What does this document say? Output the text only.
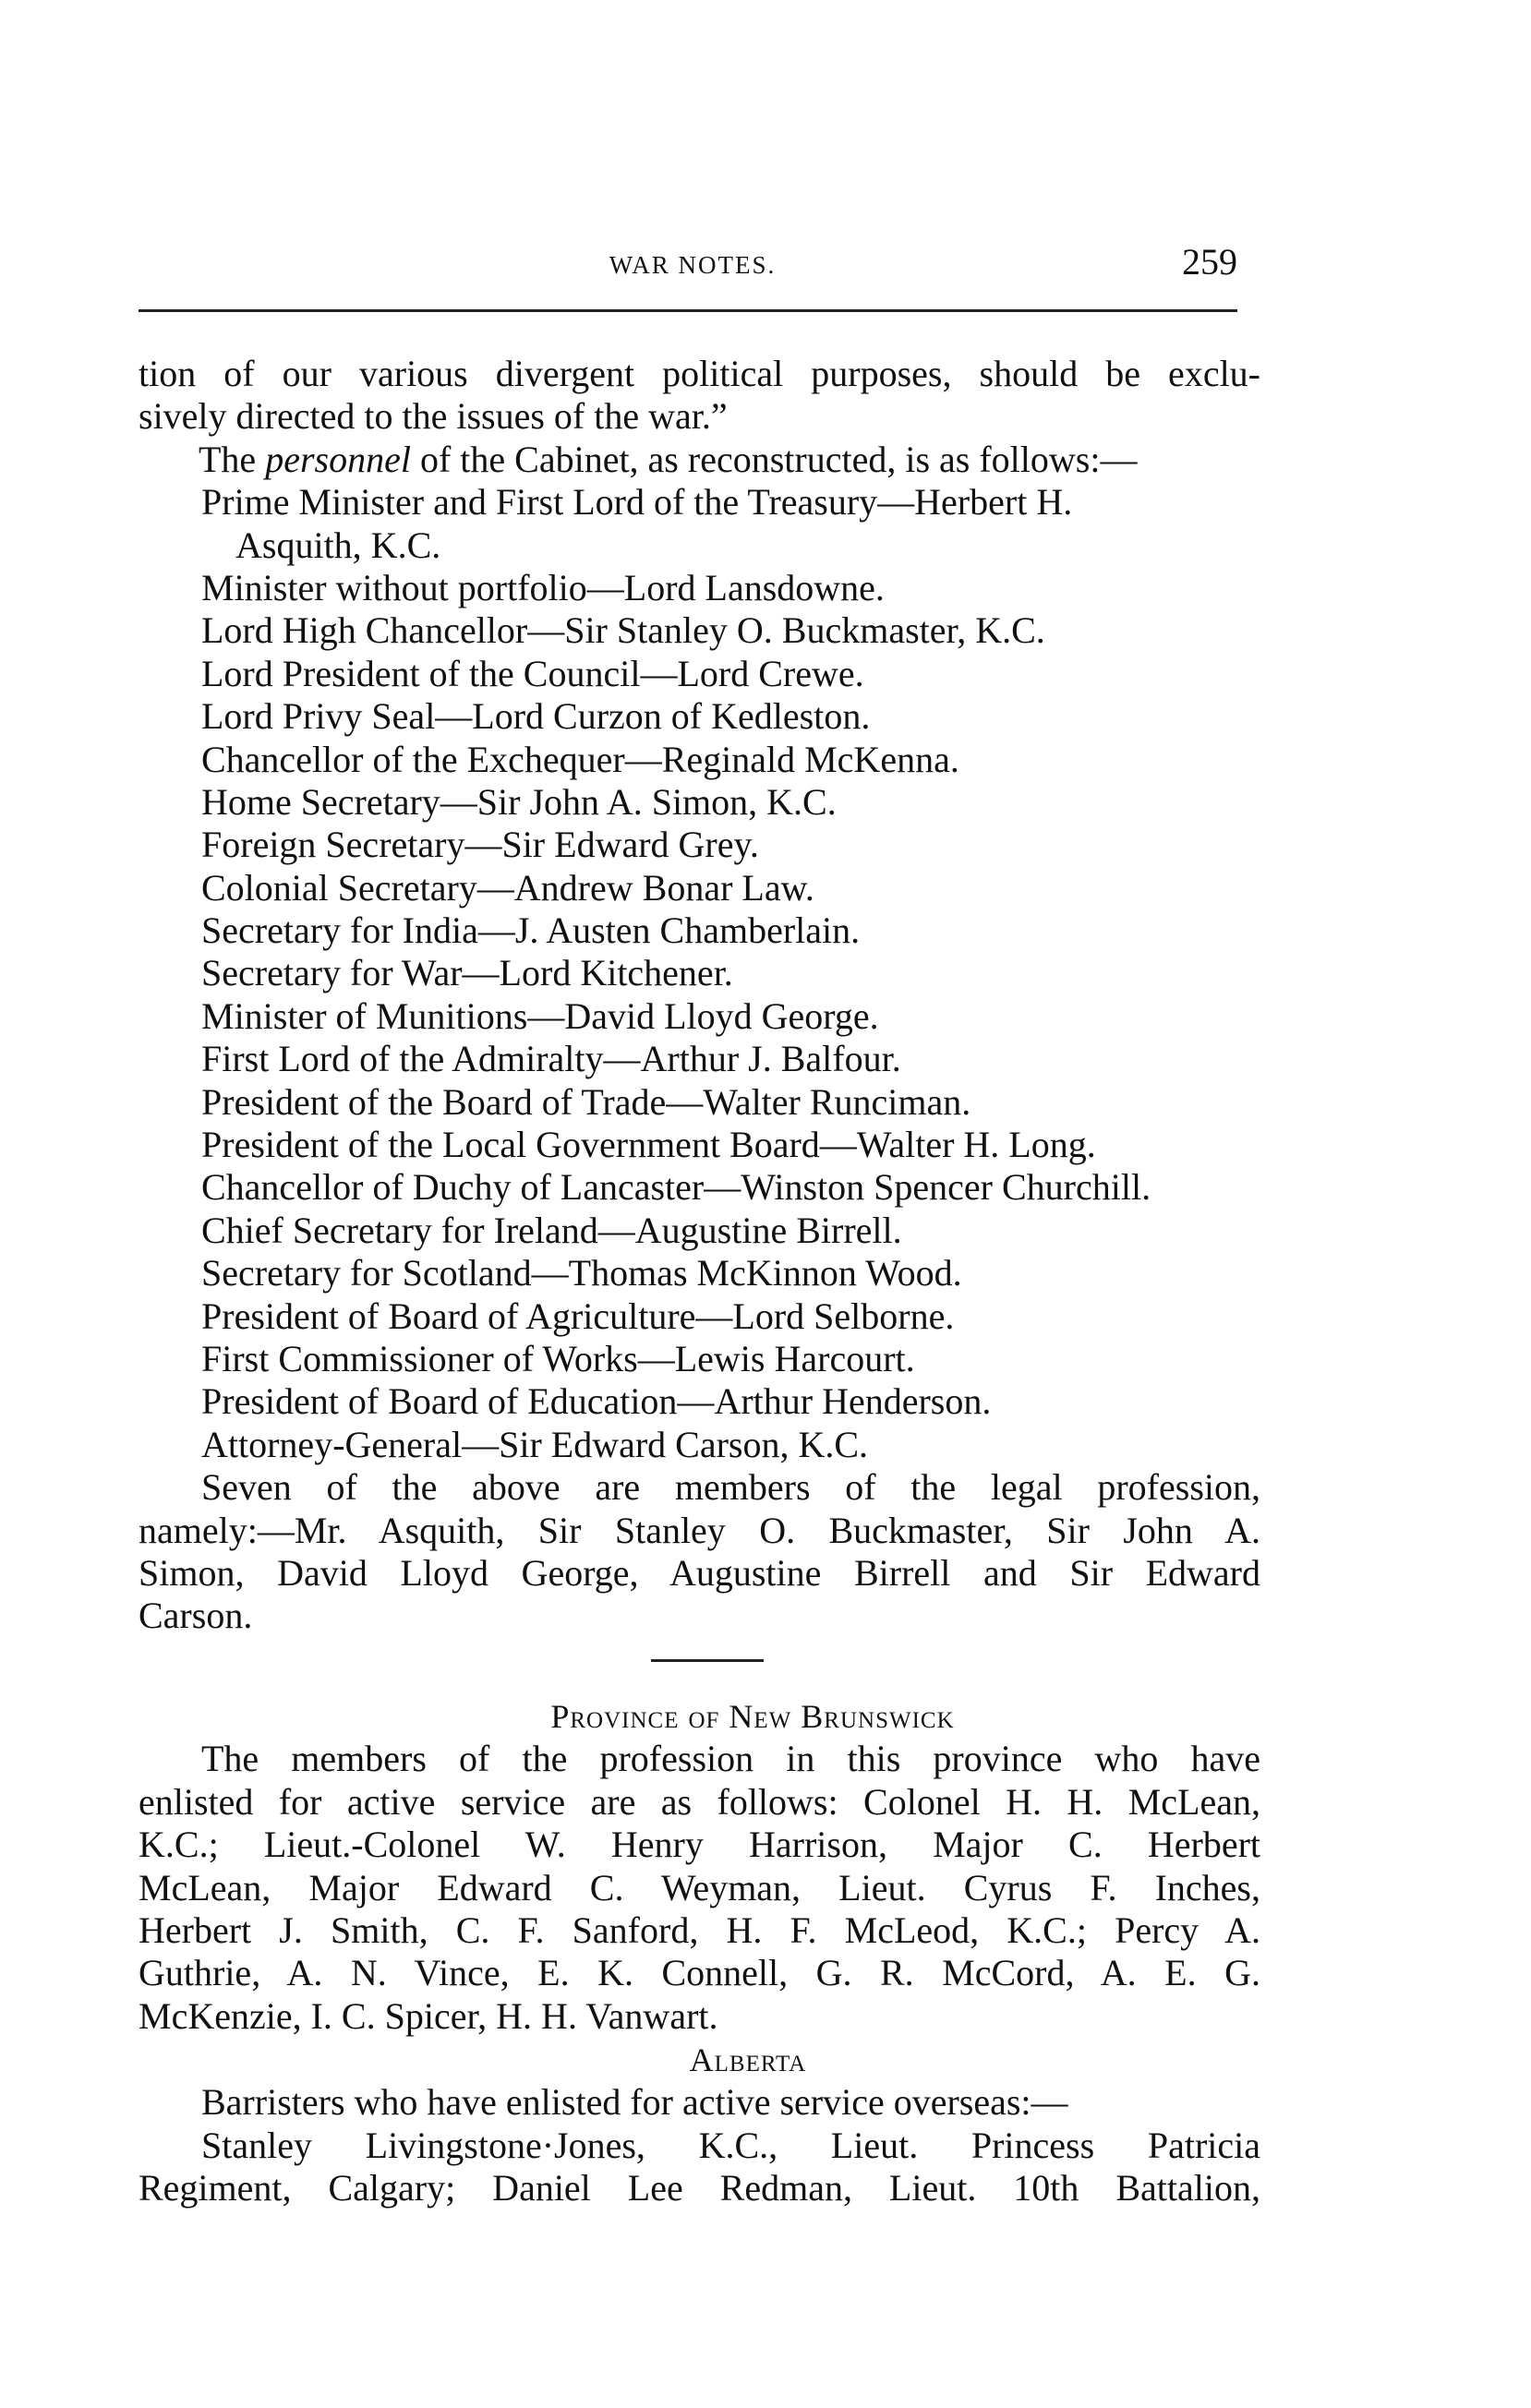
WAR NOTES.	259
tion of our various divergent political purposes, should be exclu-
sively directed to the issues of the war.”
The personnel of the Cabinet, as reconstructed, is as follows:—
Prime Minister and First Lord of the Treasury—Herbert H.
Asquith, K.C.
Minister without portfolio—Lord Lansdowne.
Lord High Chancellor—Sir Stanley O. Buckmaster, K.C.
Lord President of the Council—Lord Crewe.
Lord Privy Seal—Lord Curzon of Kedleston.
Chancellor of the Exchequer—Reginald McKenna.
Home Secretary—Sir John A. Simon, K.C.
Foreign Secretary—Sir Edward Grey.
Colonial Secretary—Andrew Bonar Law.
Secretary for India—J. Austen Chamberlain.
Secretary for War—Lord Kitchener.
Minister of Munitions—David Lloyd George.
First Lord of the Admiralty—Arthur J. Balfour.
President of the Board of Trade—Walter Runciman.
President of the Local Government Board—Walter H. Long.
Chancellor of Duchy of Lancaster—Winston Spencer Churchill.
Chief Secretary for Ireland—Augustine Birrell.
Secretary for Scotland—Thomas McKinnon Wood.
President of Board of Agriculture—Lord Selborne.
First Commissioner of Works—Lewis Harcourt.
President of Board of Education—Arthur Henderson.
Attorney-General—Sir Edward Carson, K.C.
Seven of the above are members of the legal profession,
namely:—Mr. Asquith, Sir Stanley O. Buckmaster, Sir John A.
Simon, David Lloyd George, Augustine Birrell and Sir Edward
Carson.
Province of New Brunswick
The members of the profession in this province who have
enlisted for active service are as follows: Colonel H. H. McLean,
K.C.; Lieut.-Colonel W. Henry Harrison, Major C. Herbert
McLean, Major Edward C. Weyman, Lieut. Cyrus F. Inches,
Herbert J. Smith, C. F. Sanford, H. F. McLeod, K.C.; Percy A.
Guthrie, A. N. Vince, E. K. Connell, G. R. McCord, A. E. G.
McKenzie, I. C. Spicer, H. H. Vanwart.
Alberta
Barristers who have enlisted for active service overseas:—
Stanley Livingstone·Jones, K.C., Lieut. Princess Patricia
Regiment, Calgary; Daniel Lee Redman, Lieut. 10th Battalion,
